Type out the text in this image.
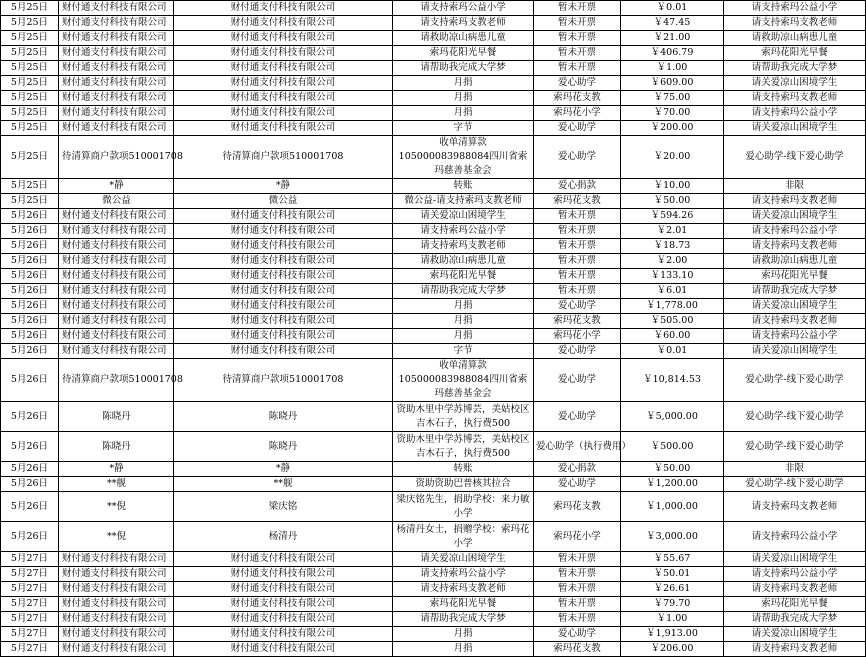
5月25日	财付通支付科技有限公司	财付通支付科技有限公司	请支持索玛公益小学	暂未开票	￥0.01	请支持索玛公益小学
5月25日	财付通支付科技有限公司	财付通支付科技有限公司	请支持索玛支教老师	暂未开票	￥47.45	请支持索玛支教老师
5月25日	财付通支付科技有限公司	财付通支付科技有限公司	请救助凉山病患儿童	暂未开票	￥21.00	请救助凉山病患儿童
5月25日	财付通支付科技有限公司	财付通支付科技有限公司	索玛花阳光早餐	暂未开票	￥406.79	索玛花阳光早餐
5月25日	财付通支付科技有限公司	财付通支付科技有限公司	请帮助我完成大学梦	暂未开票	￥1.00	请帮助我完成大学梦
5月25日	财付通支付科技有限公司	财付通支付科技有限公司	月捐	爱心助学	￥609.00	请关爱凉山困境学生
5月25日	财付通支付科技有限公司	财付通支付科技有限公司	月捐	索玛花支教	￥75.00	请支持索玛支教老师
5月25日	财付通支付科技有限公司	财付通支付科技有限公司	月捐	索玛花小学	￥70.00	请支持索玛公益小学
5月25日	财付通支付科技有限公司	财付通支付科技有限公司	字节	爱心助学	￥200.00	请关爱凉山困境学生
5月25日	待清算商户款项510001708	待清算商户款项510001708	收单清算款105000083988084四川省索玛慈善基金会	爱心助学	￥20.00	爱心助学-线下爱心助学
5月25日	*静	*静	转账	爱心捐款	￥10.00	非限
5月25日	微公益	微公益	微公益-请支持索玛支教老师	索玛花支教	￥50.00	请支持索玛支教老师
5月26日	财付通支付科技有限公司	财付通支付科技有限公司	请关爱凉山困境学生	暂未开票	￥594.26	请关爱凉山困境学生
5月26日	财付通支付科技有限公司	财付通支付科技有限公司	请支持索玛公益小学	暂未开票	￥2.01	请支持索玛公益小学
5月26日	财付通支付科技有限公司	财付通支付科技有限公司	请支持索玛支教老师	暂未开票	￥18.73	请支持索玛支教老师
5月26日	财付通支付科技有限公司	财付通支付科技有限公司	请救助凉山病患儿童	暂未开票	￥2.00	请救助凉山病患儿童
5月26日	财付通支付科技有限公司	财付通支付科技有限公司	索玛花阳光早餐	暂未开票	￥133.10	索玛花阳光早餐
5月26日	财付通支付科技有限公司	财付通支付科技有限公司	请帮助我完成大学梦	暂未开票	￥6.01	请帮助我完成大学梦
5月26日	财付通支付科技有限公司	财付通支付科技有限公司	月捐	爱心助学	￥1,778.00	请关爱凉山困境学生
5月26日	财付通支付科技有限公司	财付通支付科技有限公司	月捐	索玛花支教	￥505.00	请支持索玛支教老师
5月26日	财付通支付科技有限公司	财付通支付科技有限公司	月捐	索玛花小学	￥60.00	请支持索玛公益小学
5月26日	财付通支付科技有限公司	财付通支付科技有限公司	字节	爱心助学	￥0.01	请关爱凉山困境学生
5月26日	待清算商户款项510001708	待清算商户款项510001708	收单清算款105000083988084四川省索玛慈善基金会	爱心助学	￥10,814.53	爱心助学-线下爱心助学
5月26日	陈晓丹	陈晓丹	资助木里中学苏博芸，美姑校区吉木石子，执行费500	爱心助学	￥5,000.00	爱心助学-线下爱心助学
5月26日	陈晓丹	陈晓丹	资助木里中学苏博芸，美姑校区吉木石子，执行费500	爱心助学（执行费用）	￥500.00	爱心助学-线下爱心助学
5月26日	*静	*静	转账	爱心捐款	￥50.00	非限
5月26日	**舰	**舰	资助资助巴普核其拉合	爱心助学	￥1,200.00	爱心助学-线下爱心助学
5月26日	**倪	梁庆铭	梁庆铭先生，捐助学校：来力敏小学	索玛花支教	￥1,000.00	请支持索玛支教老师
5月26日	**倪	杨清丹	杨清丹女士，捐赠学校：索玛花小学	索玛花小学	￥3,000.00	请支持索玛公益小学
5月27日	财付通支付科技有限公司	财付通支付科技有限公司	请关爱凉山困境学生	暂未开票	￥55.67	请关爱凉山困境学生
5月27日	财付通支付科技有限公司	财付通支付科技有限公司	请支持索玛公益小学	暂未开票	￥50.01	请支持索玛公益小学
5月27日	财付通支付科技有限公司	财付通支付科技有限公司	请支持索玛支教老师	暂未开票	￥26.61	请支持索玛支教老师
5月27日	财付通支付科技有限公司	财付通支付科技有限公司	索玛花阳光早餐	暂未开票	￥79.70	索玛花阳光早餐
5月27日	财付通支付科技有限公司	财付通支付科技有限公司	请帮助我完成大学梦	暂未开票	￥1.00	请帮助我完成大学梦
5月27日	财付通支付科技有限公司	财付通支付科技有限公司	月捐	爱心助学	￥1,913.00	请关爱凉山困境学生
5月27日	财付通支付科技有限公司	财付通支付科技有限公司	月捐	索玛花支教	￥206.00	请支持索玛支教老师
